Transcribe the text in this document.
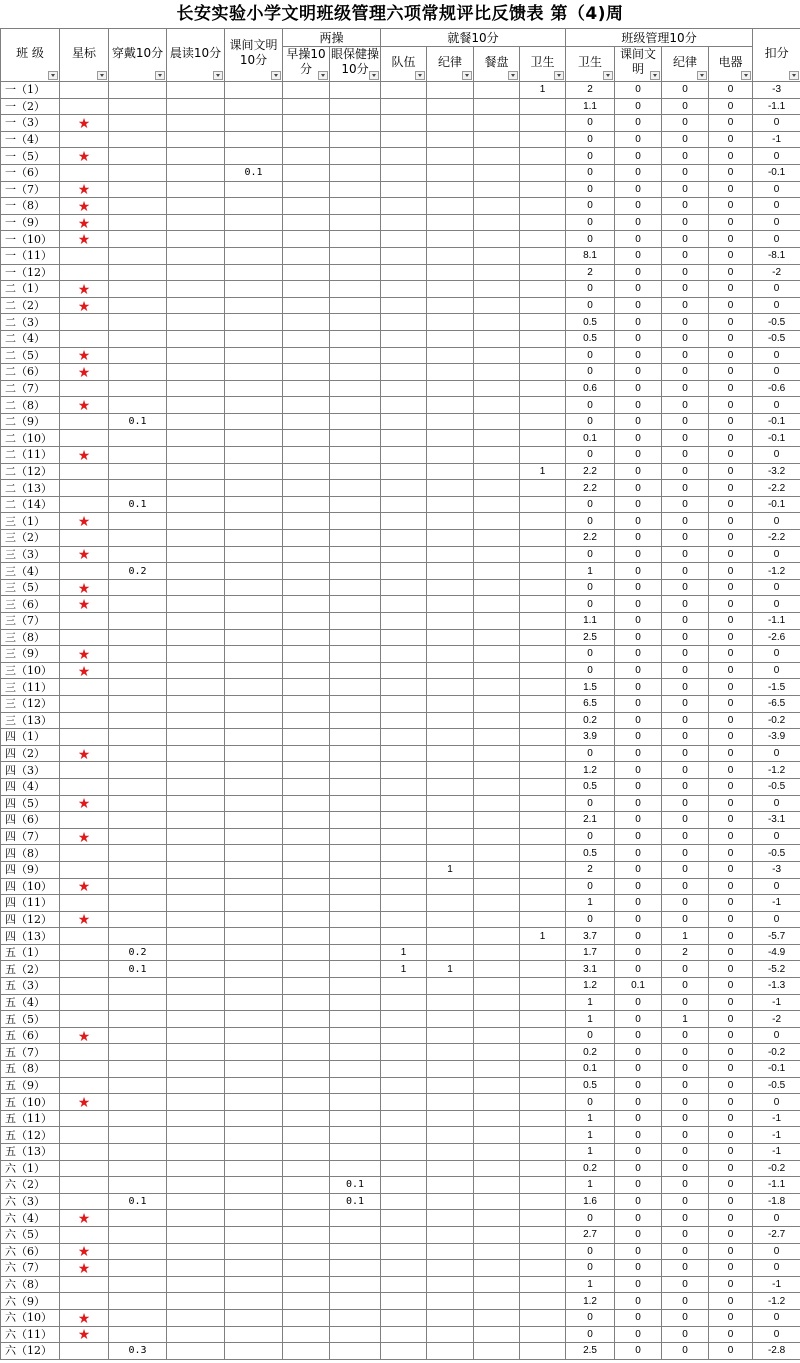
长安实验小学文明班级管理六项常规评比反馈表 第（4)周
班 级	星标	穿戴10分	晨读10分	课间文明10分	两操		就餐10分				班级管理10分				扣分

					早操10分	眼保健操10分	队伍	纪律	餐盘	卫生	卫生	课间文明	纪律	电器	

一（1）										1	2	0	0	0	-3
一（2）											1.1	0	0	0	-1.1
一（3）	★										0	0	0	0	0
一（4）											0	0	0	0	-1
一（5）	★										0	0	0	0	0
一（6）				0.1							0	0	0	0	-0.1
一（7）	★										0	0	0	0	0
一（8）	★										0	0	0	0	0
一（9）	★										0	0	0	0	0
一（10）	★										0	0	0	0	0
一（11）											8.1	0	0	0	-8.1
一（12）											2	0	0	0	-2
二（1）	★										0	0	0	0	0
二（2）	★										0	0	0	0	0
二（3）											0.5	0	0	0	-0.5
二（4）											0.5	0	0	0	-0.5
二（5）	★										0	0	0	0	0
二（6）	★										0	0	0	0	0
二（7）											0.6	0	0	0	-0.6
二（8）	★										0	0	0	0	0
二（9）		0.1									0	0	0	0	-0.1
二（10）											0.1	0	0	0	-0.1
二（11）	★										0	0	0	0	0
二（12）										1	2.2	0	0	0	-3.2
二（13）											2.2	0	0	0	-2.2
二（14）		0.1									0	0	0	0	-0.1
三（1）	★										0	0	0	0	0
三（2）											2.2	0	0	0	-2.2
三（3）	★										0	0	0	0	0
三（4）		0.2									1	0	0	0	-1.2
三（5）	★										0	0	0	0	0
三（6）	★										0	0	0	0	0
三（7）											1.1	0	0	0	-1.1
三（8）											2.5	0	0	0	-2.6
三（9）	★										0	0	0	0	0
三（10）	★										0	0	0	0	0
三（11）											1.5	0	0	0	-1.5
三（12）											6.5	0	0	0	-6.5
三（13）											0.2	0	0	0	-0.2
四（1）											3.9	0	0	0	-3.9
四（2）	★										0	0	0	0	0
四（3）											1.2	0	0	0	-1.2
四（4）											0.5	0	0	0	-0.5
四（5）	★										0	0	0	0	0
四（6）											2.1	0	0	0	-3.1
四（7）	★										0	0	0	0	0
四（8）											0.5	0	0	0	-0.5
四（9）								1			2	0	0	0	-3
四（10）	★										0	0	0	0	0
四（11）											1	0	0	0	-1
四（12）	★										0	0	0	0	0
四（13）										1	3.7	0	1	0	-5.7
五（1）		0.2					1				1.7	0	2	0	-4.9
五（2）		0.1					1	1			3.1	0	0	0	-5.2
五（3）											1.2	0.1	0	0	-1.3
五（4）											1	0	0	0	-1
五（5）											1	0	1	0	-2
五（6）	★										0	0	0	0	0
五（7）											0.2	0	0	0	-0.2
五（8）											0.1	0	0	0	-0.1
五（9）											0.5	0	0	0	-0.5
五（10）	★										0	0	0	0	0
五（11）											1	0	0	0	-1
五（12）											1	0	0	0	-1
五（13）											1	0	0	0	-1
六（1）											0.2	0	0	0	-0.2
六（2）						0.1					1	0	0	0	-1.1
六（3）		0.1				0.1					1.6	0	0	0	-1.8
六（4）	★										0	0	0	0	0
六（5）											2.7	0	0	0	-2.7
六（6）	★										0	0	0	0	0
六（7）	★										0	0	0	0	0
六（8）											1	0	0	0	-1
六（9）											1.2	0	0	0	-1.2
六（10）	★										0	0	0	0	0
六（11）	★										0	0	0	0	0
六（12）		0.3									2.5	0	0	0	-2.8
